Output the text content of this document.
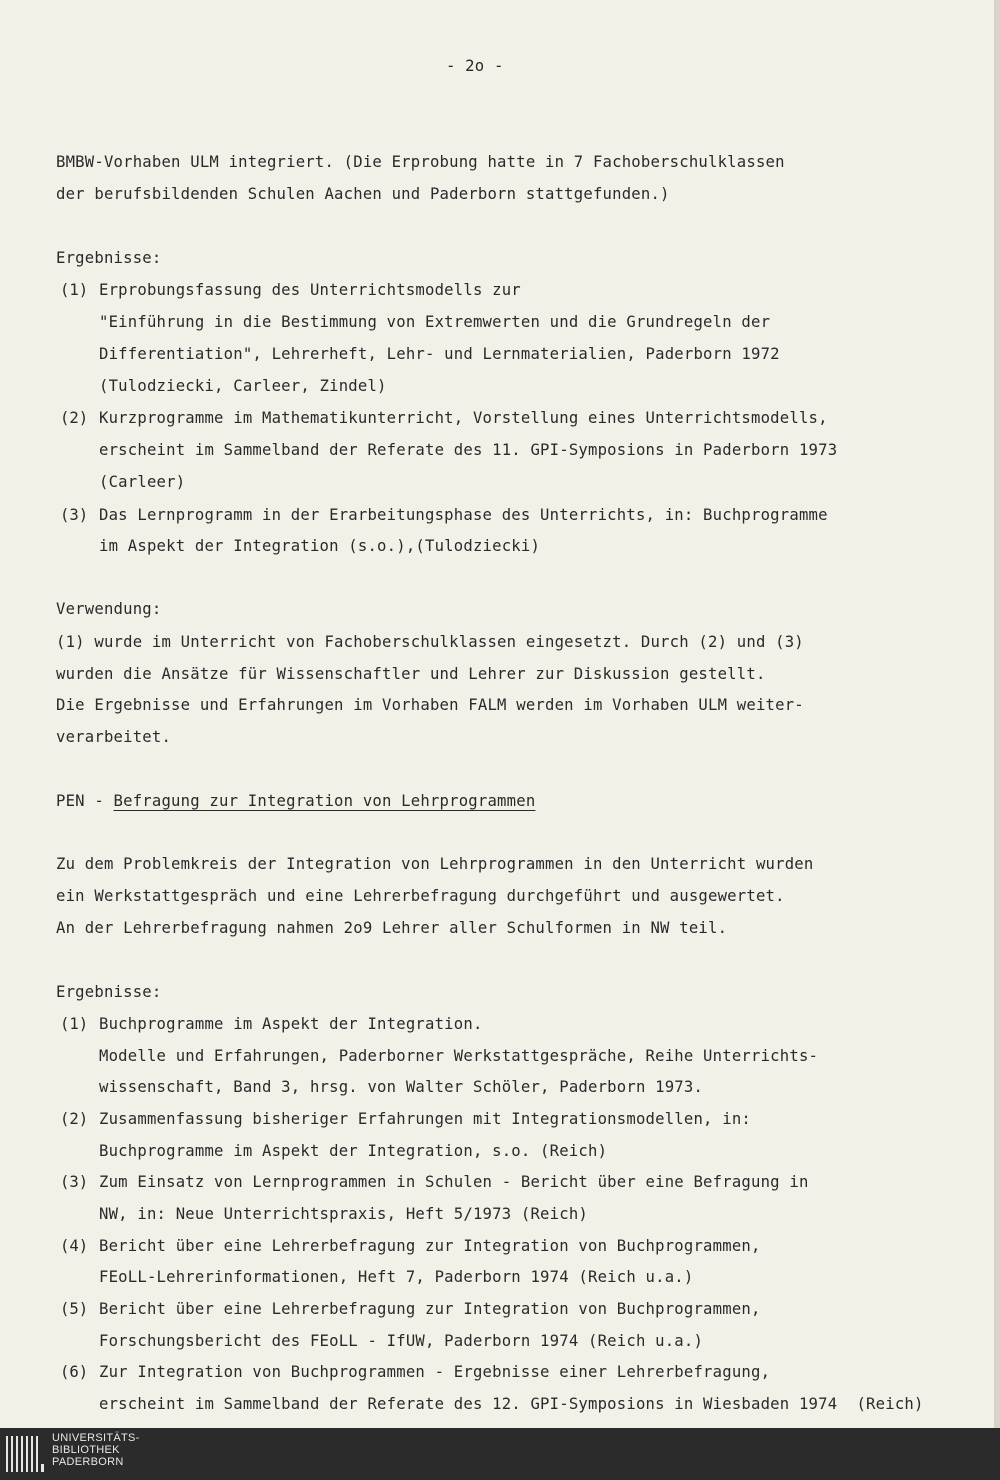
- 2o -
BMBW-Vorhaben ULM integriert. (Die Erprobung hatte in 7 Fachoberschulklassen
der berufsbildenden Schulen Aachen und Paderborn stattgefunden.)
Ergebnisse:
(1) Erprobungsfassung des Unterrichtsmodells zur
"Einführung in die Bestimmung von Extremwerten und die Grundregeln der
Differentiation", Lehrerheft, Lehr- und Lernmaterialien, Paderborn 1972
(Tulodziecki, Carleer, Zindel)
(2) Kurzprogramme im Mathematikunterricht, Vorstellung eines Unterrichtsmodells,
erscheint im Sammelband der Referate des 11. GPI-Symposions in Paderborn 1973
(Carleer)
(3) Das Lernprogramm in der Erarbeitungsphase des Unterrichts, in: Buchprogramme
im Aspekt der Integration (s.o.),(Tulodziecki)
Verwendung:
(1) wurde im Unterricht von Fachoberschulklassen eingesetzt. Durch (2) und (3)
wurden die Ansätze für Wissenschaftler und Lehrer zur Diskussion gestellt.
Die Ergebnisse und Erfahrungen im Vorhaben FALM werden im Vorhaben ULM weiter-
verarbeitet.
PEN - Befragung zur Integration von Lehrprogrammen
Zu dem Problemkreis der Integration von Lehrprogrammen in den Unterricht wurden
ein Werkstattgespräch und eine Lehrerbefragung durchgeführt und ausgewertet.
An der Lehrerbefragung nahmen 2o9 Lehrer aller Schulformen in NW teil.
Ergebnisse:
(1) Buchprogramme im Aspekt der Integration.
Modelle und Erfahrungen, Paderborner Werkstattgespräche, Reihe Unterrichts-
wissenschaft, Band 3, hrsg. von Walter Schöler, Paderborn 1973.
(2) Zusammenfassung bisheriger Erfahrungen mit Integrationsmodellen, in:
Buchprogramme im Aspekt der Integration, s.o. (Reich)
(3) Zum Einsatz von Lernprogrammen in Schulen - Bericht über eine Befragung in
NW, in: Neue Unterrichtspraxis, Heft 5/1973 (Reich)
(4) Bericht über eine Lehrerbefragung zur Integration von Buchprogrammen,
FEoLL-Lehrerinformationen, Heft 7, Paderborn 1974 (Reich u.a.)
(5) Bericht über eine Lehrerbefragung zur Integration von Buchprogrammen,
Forschungsbericht des FEoLL - IfUW, Paderborn 1974 (Reich u.a.)
(6) Zur Integration von Buchprogrammen - Ergebnisse einer Lehrerbefragung,
erscheint im Sammelband der Referate des 12. GPI-Symposions in Wiesbaden 1974  (Reich)
UNIVERSITÄTS-
BIBLIOTHEK
PADERBORN
